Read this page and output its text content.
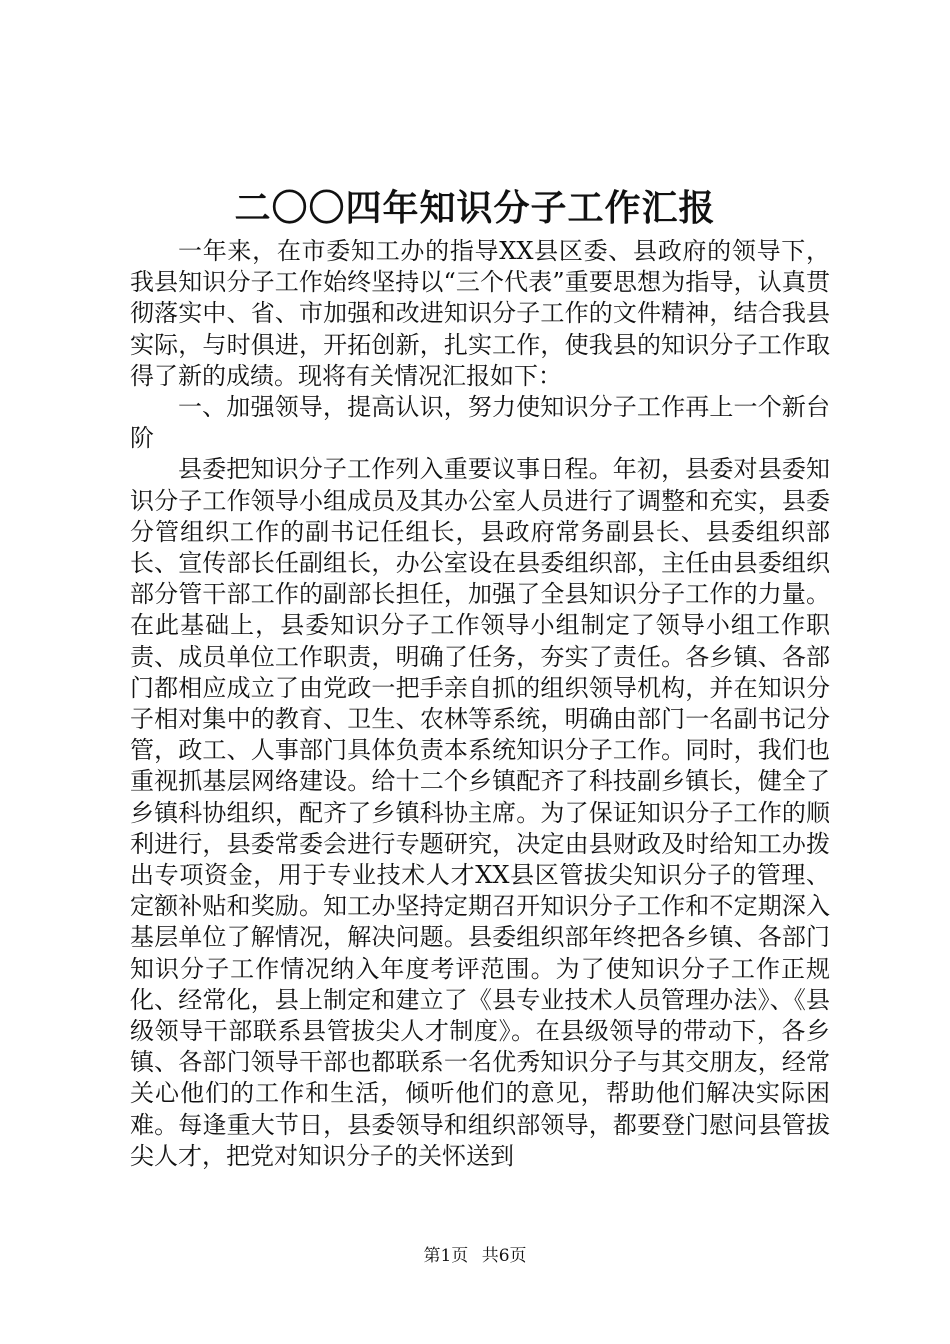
二〇〇四年知识分子工作汇报

一年来，在市委知工办的指导XX县区委、县政府的领导下，我县知识分子工作始终坚持以“三个代表”重要思想为指导，认真贯彻落实中、省、市加强和改进知识分子工作的文件精神，结合我县实际，与时俱进，开拓创新，扎实工作，使我县的知识分子工作取得了新的成绩。现将有关情况汇报如下：

一、加强领导，提高认识，努力使知识分子工作再上一个新台阶

县委把知识分子工作列入重要议事日程。年初，县委对县委知识分子工作领导小组成员及其办公室人员进行了调整和充实，县委分管组织工作的副书记任组长，县政府常务副县长、县委组织部长、宣传部长任副组长，办公室设在县委组织部，主任由县委组织部分管干部工作的副部长担任，加强了全县知识分子工作的力量。在此基础上，县委知识分子工作领导小组制定了领导小组工作职责、成员单位工作职责，明确了任务，夯实了责任。各乡镇、各部门都相应成立了由党政一把手亲自抓的组织领导机构，并在知识分子相对集中的教育、卫生、农林等系统，明确由部门一名副书记分管，政工、人事部门具体负责本系统知识分子工作。同时，我们也重视抓基层网络建设。给十二个乡镇配齐了科技副乡镇长，健全了乡镇科协组织，配齐了乡镇科协主席。为了保证知识分子工作的顺利进行，县委常委会进行专题研究，决定由县财政及时给知工办拨出专项资金，用于专业技术人才XX县区管拔尖知识分子的管理、定额补贴和奖励。知工办坚持定期召开知识分子工作和不定期深入基层单位了解情况，解决问题。县委组织部年终把各乡镇、各部门知识分子工作情况纳入年度考评范围。为了使知识分子工作正规化、经常化，县上制定和建立了《县专业技术人员管理办法》、《县级领导干部联系县管拔尖人才制度》。在县级领导的带动下，各乡镇、各部门领导干部也都联系一名优秀知识分子与其交朋友，经常关心他们的工作和生活，倾听他们的意见，帮助他们解决实际困难。每逢重大节日，县委领导和组织部领导，都要登门慰问县管拔尖人才，把党对知识分子的关怀送到

第1页 共6页
